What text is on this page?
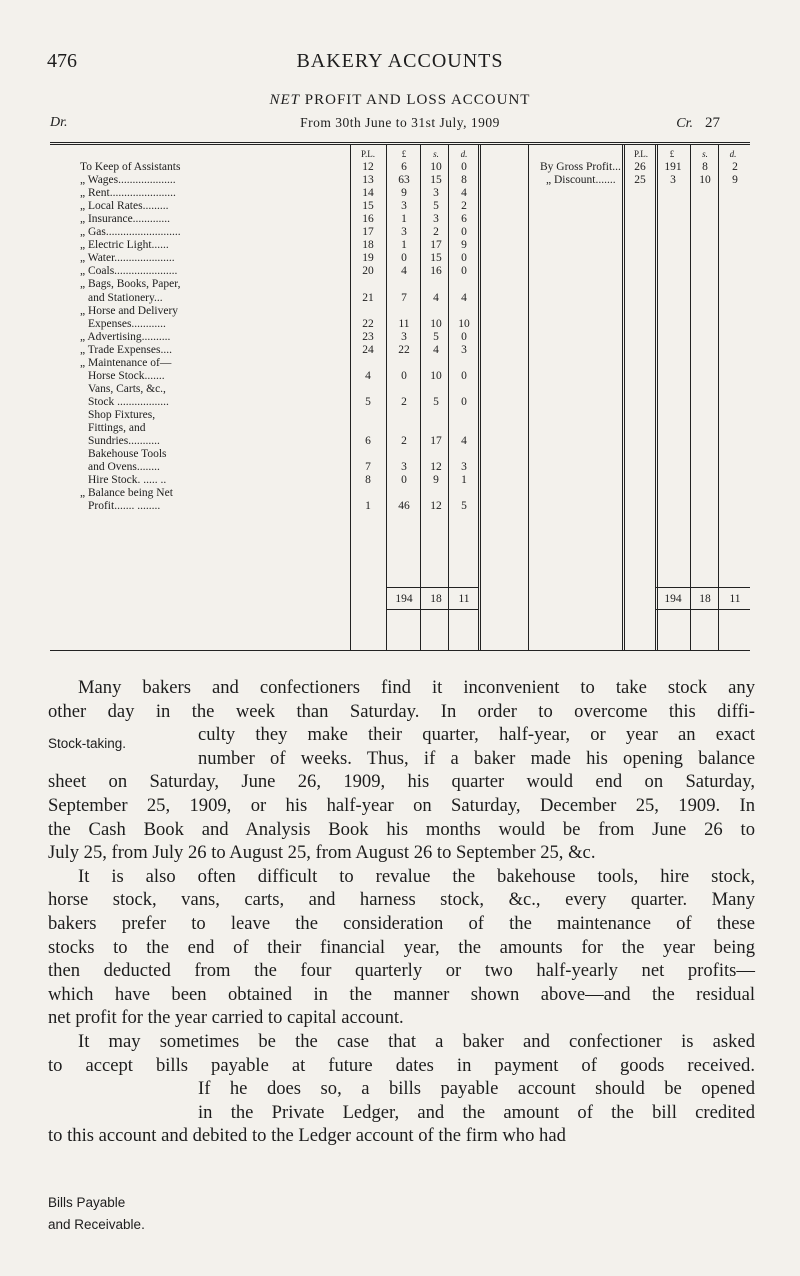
476	BAKERY ACCOUNTS
NET PROFIT AND LOSS ACCOUNT
Dr.	From 30th June to 31st July, 1909	Cr. 27
P.L.	£	s.	d.	P.L.	£	s.	d.
To Keep of Assistants	12	6	10	0
„ Wages....................	13	63	15	8
„ Rent.......................	14	9	3	4
„ Local Rates.........	15	3	5	2
„ Insurance.............	16	1	3	6
„ Gas..........................	17	3	2	0
„ Electric Light......	18	1	17	9
„ Water.....................	19	0	15	0
„ Coals......................	20	4	16	0
„ Bags, Books, Paper,
and Stationery...	21	7	4	4
„ Horse and Delivery
Expenses............	22	11	10	10
„ Advertising..........	23	3	5	0
„ Trade Expenses....	24	22	4	3
„ Maintenance of—
Horse Stock.......	4	0	10	0
Vans, Carts, &c.,
Stock ..................	5	2	5	0
Shop Fixtures,
Fittings, and
Sundries...........	6	2	17	4
Bakehouse Tools
and Ovens........	7	3	12	3
Hire Stock. ..... ..	8	0	9	1
„ Balance being Net
Profit....... ........	1	46	12	5
By Gross Profit...	26	191	8	2
„ Discount.......	25	3	10	9
194	18	11	194	18	11
Many bakers and confectioners find it inconvenient to take stock any
other day in the week than Saturday. In order to overcome this diffi-
culty they make their quarter, half-year, or year an exact
number of weeks. Thus, if a baker made his opening balance
sheet on Saturday, June 26, 1909, his quarter would end on Saturday,
September 25, 1909, or his half-year on Saturday, December 25, 1909. In
the Cash Book and Analysis Book his months would be from June 26 to
July 25, from July 26 to August 25, from August 26 to September 25, &c.
It is also often difficult to revalue the bakehouse tools, hire stock,
horse stock, vans, carts, and harness stock, &c., every quarter. Many
bakers prefer to leave the consideration of the maintenance of these
stocks to the end of their financial year, the amounts for the year being
then deducted from the four quarterly or two half-yearly net profits—
which have been obtained in the manner shown above—and the residual
net profit for the year carried to capital account.
It may sometimes be the case that a baker and confectioner is asked
to accept bills payable at future dates in payment of goods received.
If he does so, a bills payable account should be opened
in the Private Ledger, and the amount of the bill credited
to this account and debited to the Ledger account of the firm who had
Stock-taking.
Bills Payable
and Receivable.
